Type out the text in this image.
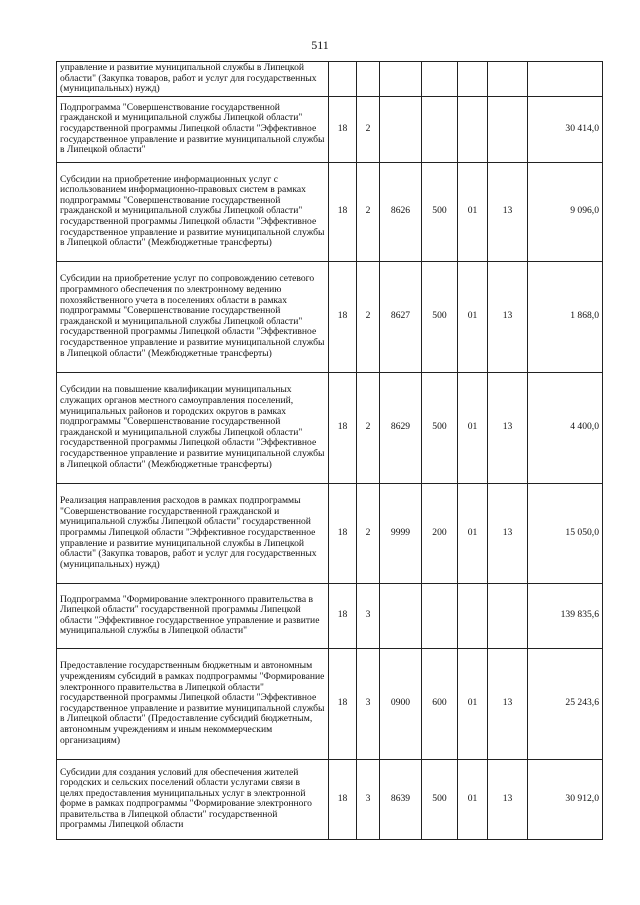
511
управление и развитие муниципальной службы в Липецкой области" (Закупка товаров, работ и услуг для государственных (муниципальных) нужд)							
Подпрограмма "Совершенствование государственной гражданской и муниципальной службы Липецкой области" государственной программы Липецкой области "Эффективное государственное управление и развитие муниципальной службы в Липецкой области"	18	2					30 414,0
Субсидии на приобретение информационных услуг с использованием информационно-правовых систем в рамках подпрограммы "Совершенствование государственной гражданской и муниципальной службы Липецкой области" государственной программы Липецкой области "Эффективное государственное управление и развитие муниципальной службы в Липецкой области" (Межбюджетные трансферты)	18	2	8626	500	01	13	9 096,0
Субсидии на приобретение услуг по сопровождению сетевого программного обеспечения по электронному ведению похозяйственного учета в поселениях области в рамках подпрограммы "Совершенствование государственной гражданской и муниципальной службы Липецкой области" государственной программы Липецкой области "Эффективное государственное управление и развитие муниципальной службы в Липецкой области" (Межбюджетные трансферты)	18	2	8627	500	01	13	1 868,0
Субсидии на повышение квалификации муниципальных служащих органов местного самоуправления поселений, муниципальных районов и городских округов в рамках подпрограммы "Совершенствование государственной гражданской и муниципальной службы Липецкой области" государственной программы Липецкой области "Эффективное государственное управление и развитие муниципальной службы в Липецкой области" (Межбюджетные трансферты)	18	2	8629	500	01	13	4 400,0
Реализация направления расходов в рамках подпрограммы "Совершенствование государственной гражданской и муниципальной службы Липецкой области" государственной программы Липецкой области "Эффективное государственное управление и развитие муниципальной службы в Липецкой области" (Закупка товаров, работ и услуг для государственных (муниципальных) нужд)	18	2	9999	200	01	13	15 050,0
Подпрограмма "Формирование электронного правительства в Липецкой области" государственной программы Липецкой области "Эффективное государственное управление и развитие муниципальной службы в Липецкой области"	18	3					139 835,6
Предоставление государственным бюджетным и автономным учреждениям субсидий в рамках подпрограммы "Формирование электронного правительства в Липецкой области" государственной программы Липецкой области "Эффективное государственное управление и развитие муниципальной службы в Липецкой области" (Предоставление субсидий бюджетным, автономным учреждениям и иным некоммерческим организациям)	18	3	0900	600	01	13	25 243,6
Субсидии для создания условий для обеспечения жителей городских и сельских поселений области услугами связи в целях предоставления муниципальных услуг в электронной форме в рамках подпрограммы "Формирование электронного правительства в Липецкой области" государственной программы Липецкой области	18	3	8639	500	01	13	30 912,0
